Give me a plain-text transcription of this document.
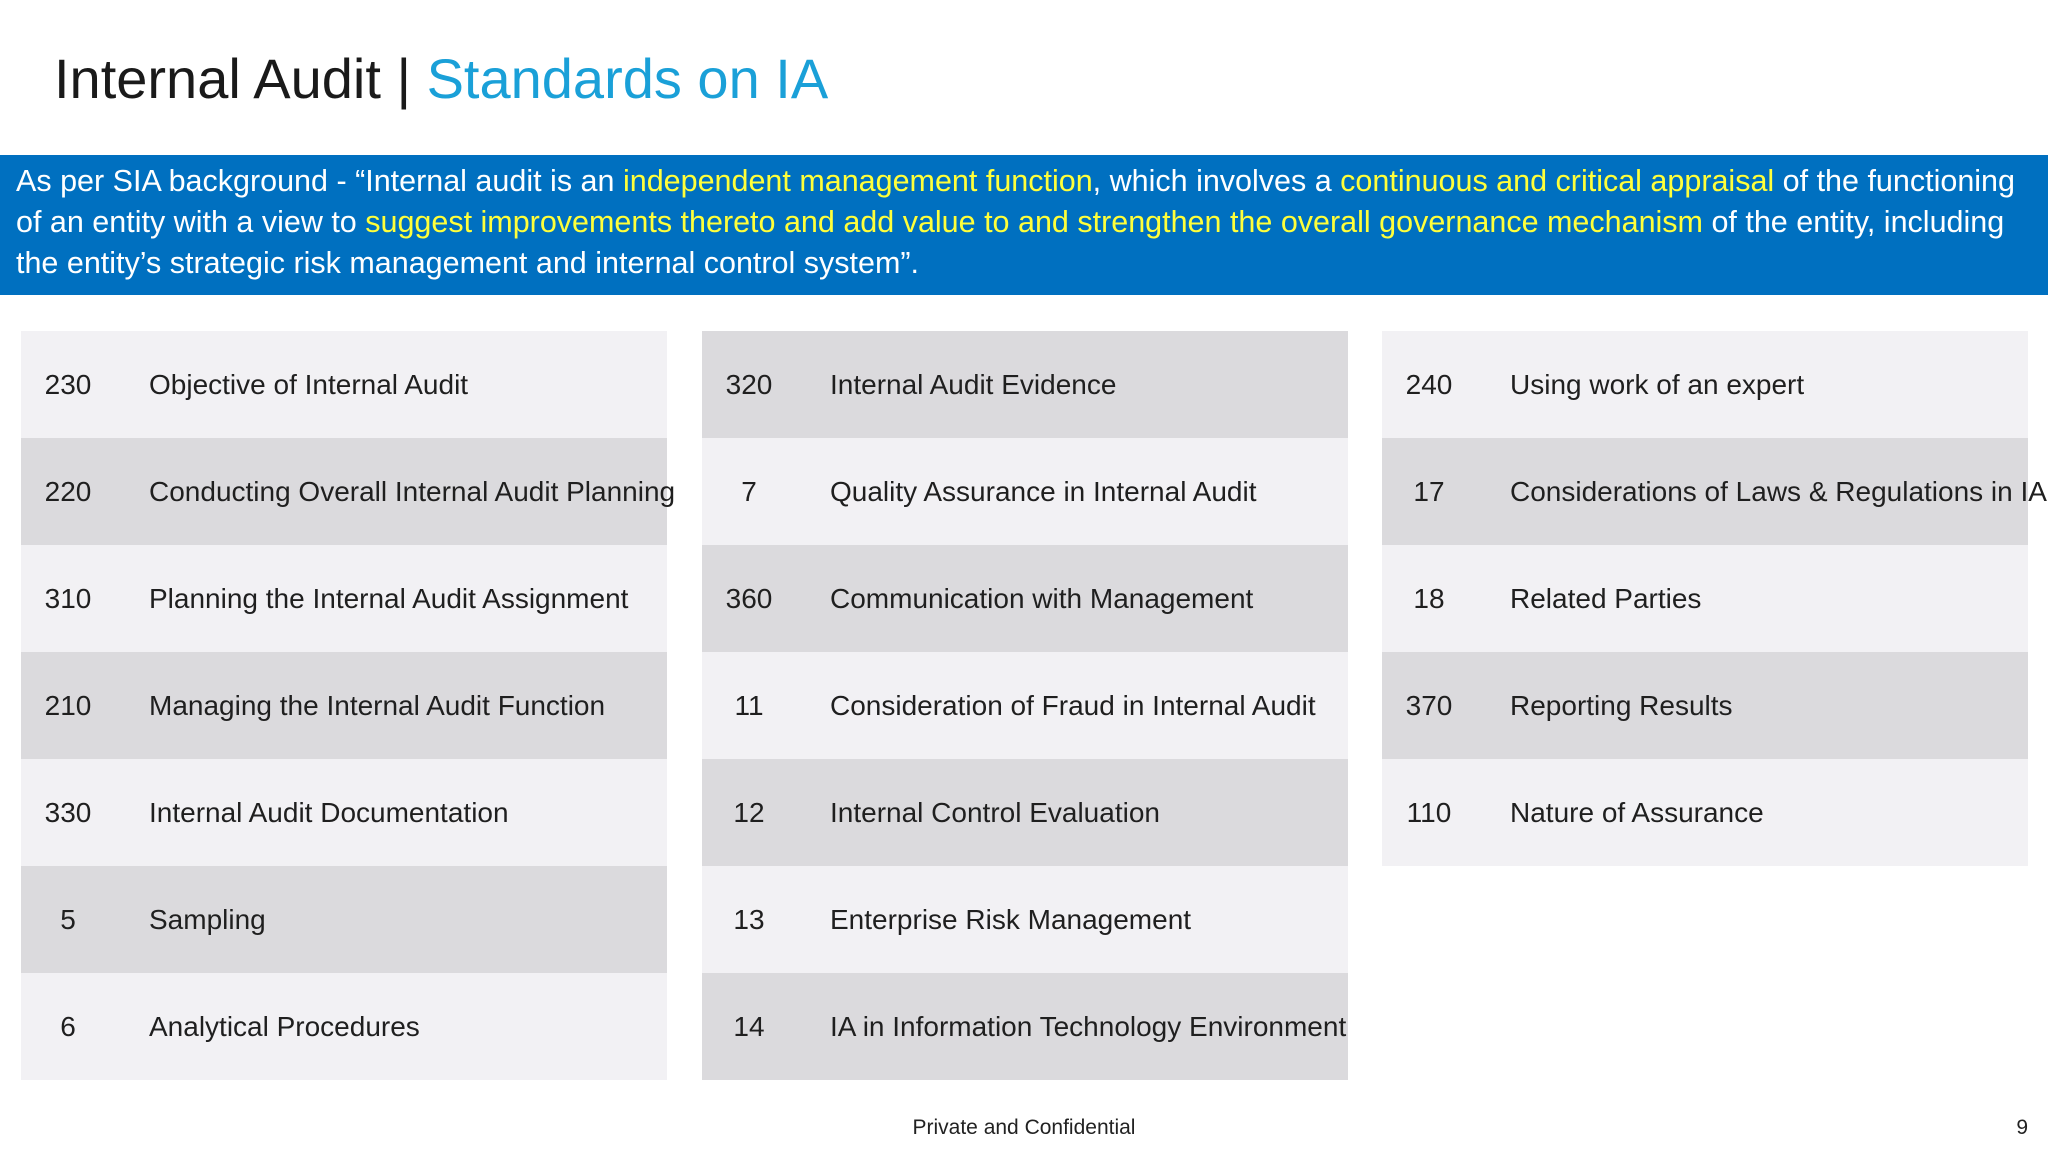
Internal Audit | Standards on IA
As per SIA background - “Internal audit is an independent management function, which involves a continuous and critical appraisal of the functioning of an entity with a view to suggest improvements thereto and add value to and strengthen the overall governance mechanism of the entity, including the entity’s strategic risk management and internal control system”.
230	Objective of Internal Audit
220	Conducting Overall Internal Audit Planning
310	Planning the Internal Audit Assignment
210	Managing the Internal Audit Function
330	Internal Audit Documentation
5	Sampling
6	Analytical Procedures
320	Internal Audit Evidence
7	Quality Assurance in Internal Audit
360	Communication with Management
11	Consideration of Fraud in Internal Audit
12	Internal Control Evaluation
13	Enterprise Risk Management
14	IA in Information Technology Environment
240	Using work of an expert
17	Considerations of Laws & Regulations in IA
18	Related Parties
370	Reporting Results
110	Nature of Assurance
Private and Confidential	9
